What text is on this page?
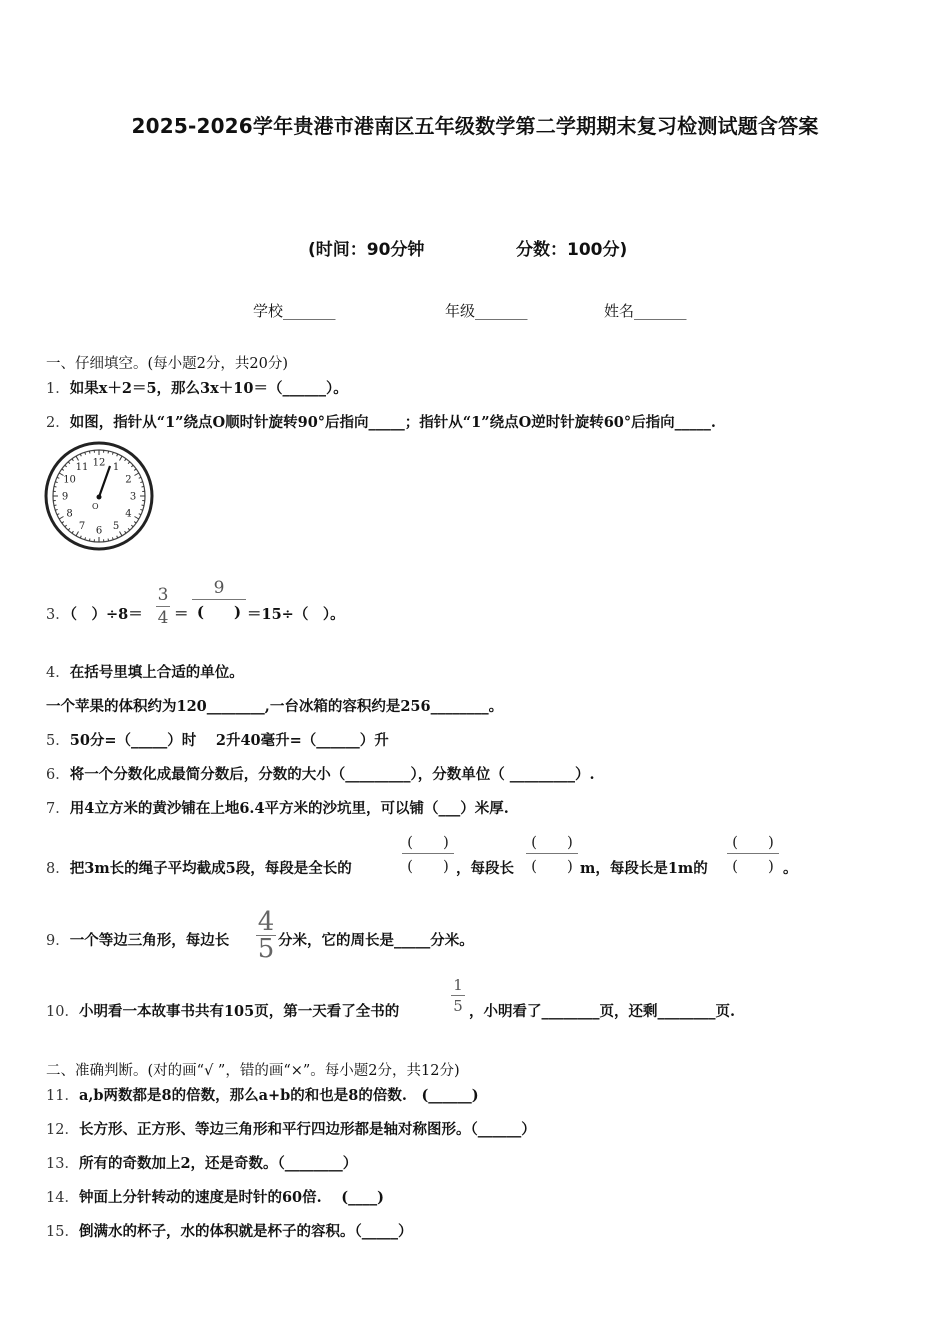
2025-2026学年贵港市港南区五年级数学第二学期期末复习检测试题含答案
(时间：90分钟	分数：100分)
学校_______	年级_______	姓名_______
一、仔细填空。(每小题2分，共20分)
1．如果x＋2＝5，那么3x＋10＝（______）。
2．如图，指针从“1”绕点O顺时针旋转90°后指向_____；指针从“1”绕点O逆时针旋转60°后指向_____.
12 1
2
3
4
5
6
7
8
9
10
11
O
3．（　）÷8＝
3
4 ＝
9
(　　) ＝15÷（　）。
4．在括号里填上合适的单位。
一个苹果的体积约为120________,一台冰箱的容积约是256________。
5．50分=（_____）时　 2升40毫升=（______）升
6．将一个分数化成最简分数后，分数的大小（_________），分数单位（ _________）.
7．用4立方米的黄沙铺在上地6.4平方米的沙坑里，可以铺（___）米厚.
8．把3m长的绳子平均截成5段，每段是全长的
(　　)
(　　) ，每段长
(　　)
(　　) m，每段长是1m的
(　　)
(　　) 。
9．一个等边三角形，每边长
4
5 分米，它的周长是_____分米。
10．小明看一本故事书共有105页，第一天看了全书的
1
5 ，小明看了________页，还剩________页.
二、准确判断。(对的画“√ ”，错的画“×”。每小题2分，共12分)
11．a,b两数都是8的倍数，那么a+b的和也是8的倍数.　(______)
12．长方形、正方形、等边三角形和平行四边形都是轴对称图形。（______）
13．所有的奇数加上2，还是奇数。（________）
14．钟面上分针转动的速度是时针的60倍.　 (____)
15．倒满水的杯子，水的体积就是杯子的容积。（_____）
